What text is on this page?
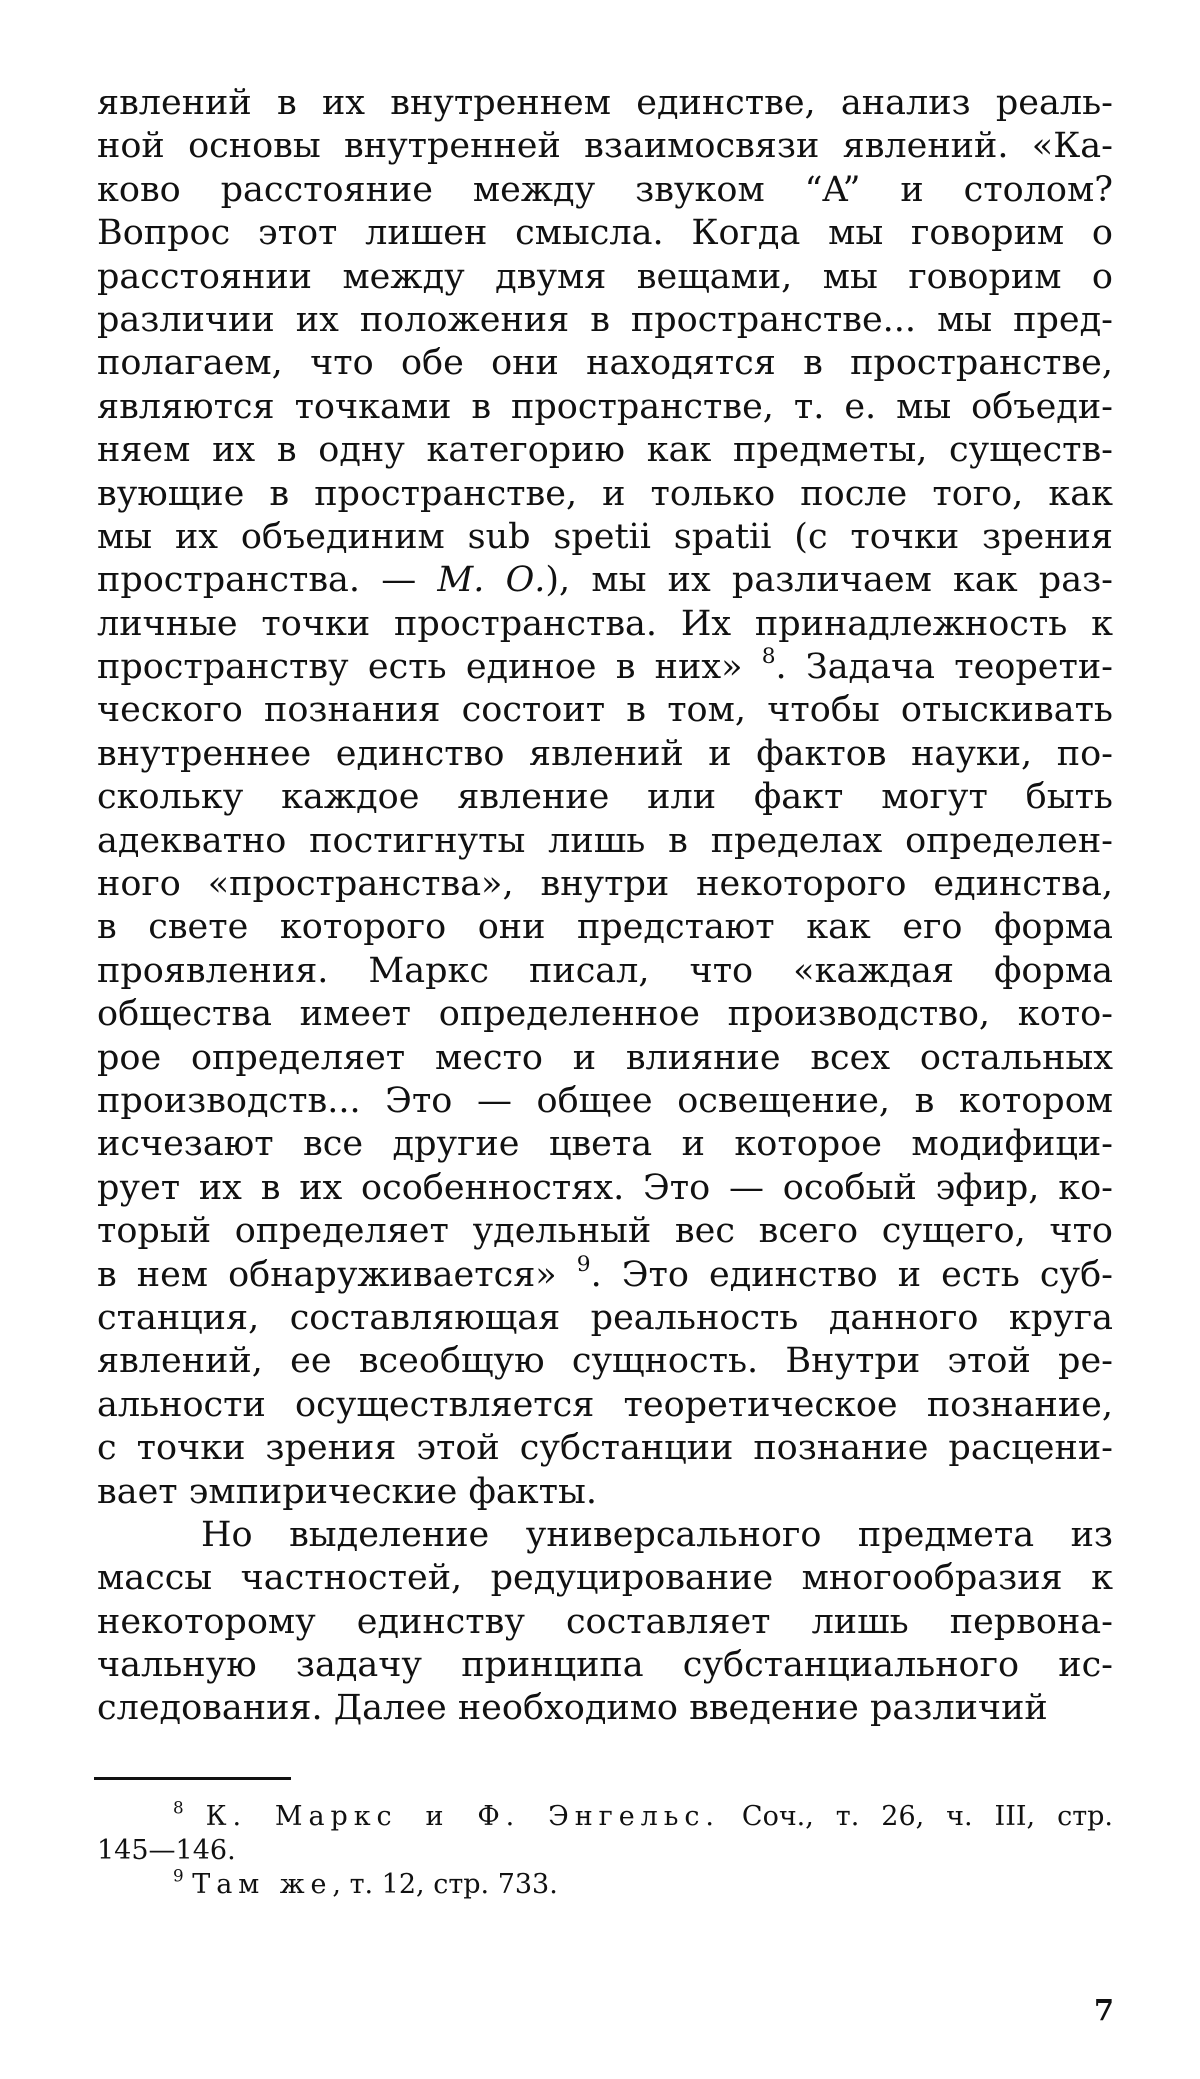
явлений в их внутреннем единстве, анализ реаль-
ной основы внутренней взаимосвязи явлений. «Ка-
ково расстояние между звуком “A” и столом?
Вопрос этот лишен смысла. Когда мы говорим о
расстоянии между двумя вещами, мы говорим о
различии их положения в пространстве... мы пред-
полагаем, что обе они находятся в пространстве,
являются точками в пространстве, т. е. мы объеди-
няем их в одну категорию как предметы, существ-
вующие в пространстве, и только после того, как
мы их объединим sub spetii spatii (с точки зрения
пространства. — М. О.), мы их различаем как раз-
личные точки пространства. Их принадлежность к
пространству есть единое в них» $^8$. Задача теорети-
ческого познания состоит в том, чтобы отыскивать
внутреннее единство явлений и фактов науки, по-
скольку каждое явление или факт могут быть
адекватно постигнуты лишь в пределах определен-
ного «пространства», внутри некоторого единства,
в свете которого они предстают как его форма
проявления. Маркс писал, что «каждая форма
общества имеет определенное производство, кото-
рое определяет место и влияние всех остальных
производств... Это — общее освещение, в котором
исчезают все другие цвета и которое модифици-
рует их в их особенностях. Это — особый эфир, ко-
торый определяет удельный вес всего сущего, что
в нем обнаруживается» $^9$. Это единство и есть суб-
станция, составляющая реальность данного круга
явлений, ее всеобщую сущность. Внутри этой ре-
альности осуществляется теоретическое познание,
с точки зрения этой субстанции познание расцени-
вает эмпирические факты.
Но выделение универсального предмета из
массы частностей, редуцирование многообразия к
некоторому единству составляет лишь первона-
чальную задачу принципа субстанциального ис-
следования. Далее необходимо введение различий
$^8$ К. Маркс и Ф. Энгельс. Соч., т. 26, ч. III, стр.
145—146.
$^9$ Там же, т. 12, стр. 733.
7
